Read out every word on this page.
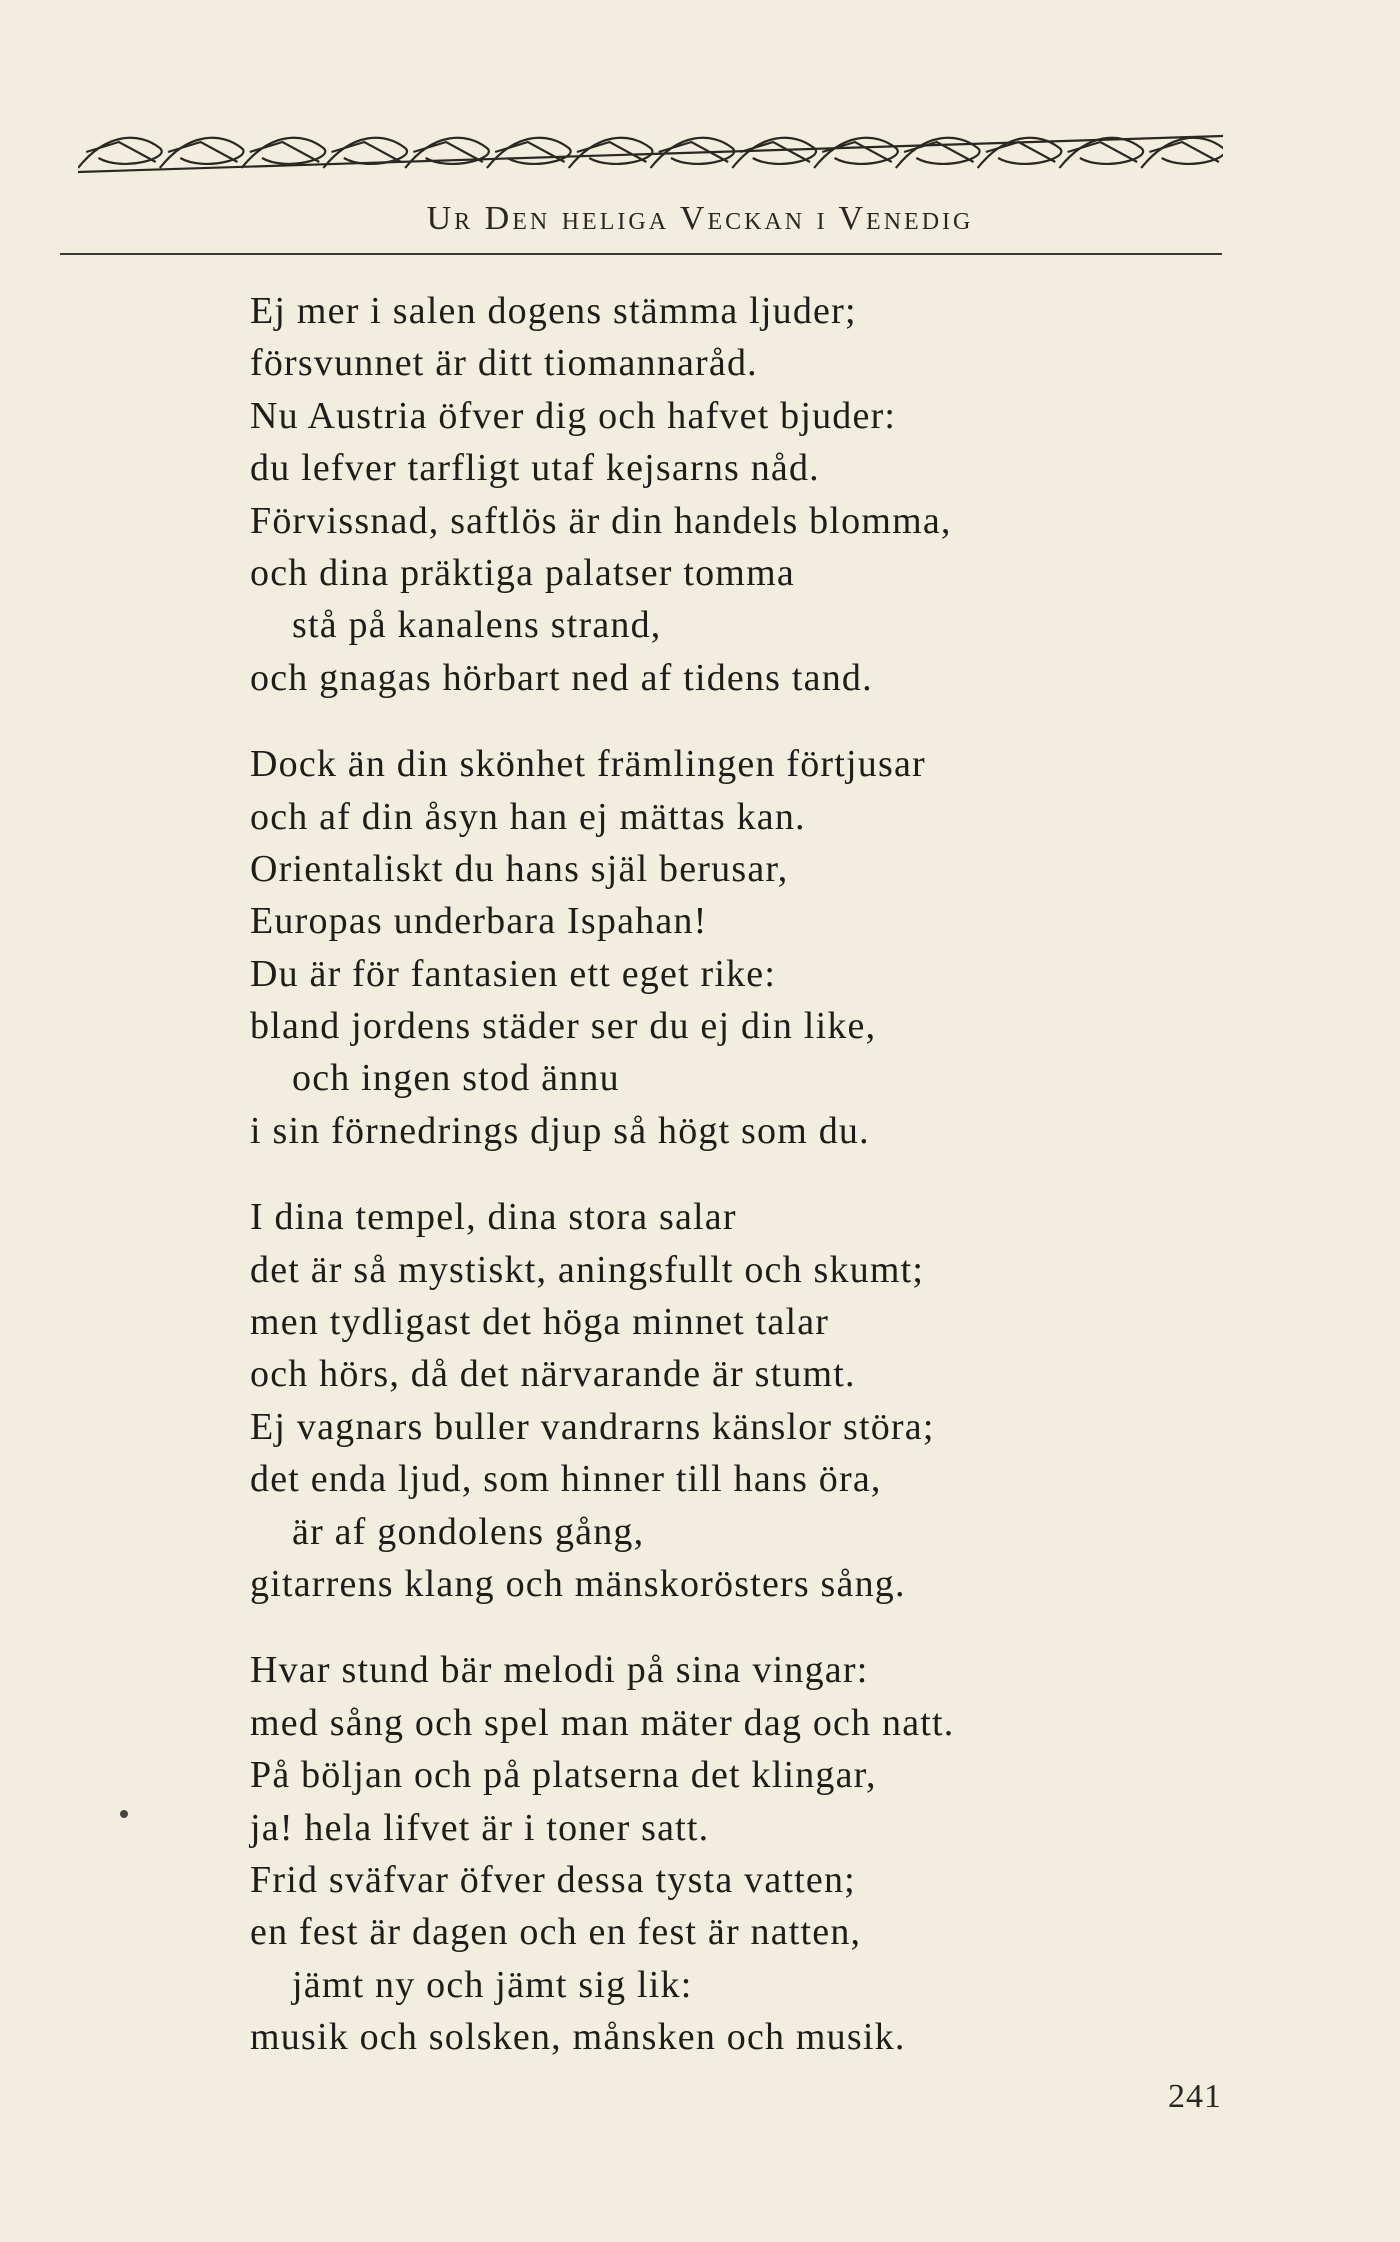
Ur Den heliga Veckan i Venedig
Ej mer i salen dogens stämma ljuder;
försvunnet är ditt tiomannaråd.
Nu Austria öfver dig och hafvet bjuder:
du lefver tarfligt utaf kejsarns nåd.
Förvissnad, saftlös är din handels blomma,
och dina präktiga palatser tomma
stå på kanalens strand,
och gnagas hörbart ned af tidens tand.
Dock än din skönhet främlingen förtjusar
och af din åsyn han ej mättas kan.
Orientaliskt du hans själ berusar,
Europas underbara Ispahan!
Du är för fantasien ett eget rike:
bland jordens städer ser du ej din like,
och ingen stod ännu
i sin förnedrings djup så högt som du.
I dina tempel, dina stora salar
det är så mystiskt, aningsfullt och skumt;
men tydligast det höga minnet talar
och hörs, då det närvarande är stumt.
Ej vagnars buller vandrarns känslor störa;
det enda ljud, som hinner till hans öra,
är af gondolens gång,
gitarrens klang och mänskorösters sång.
Hvar stund bär melodi på sina vingar:
med sång och spel man mäter dag och natt.
På böljan och på platserna det klingar,
ja! hela lifvet är i toner satt.
Frid sväfvar öfver dessa tysta vatten;
en fest är dagen och en fest är natten,
jämt ny och jämt sig lik:
musik och solsken, månsken och musik.
241
